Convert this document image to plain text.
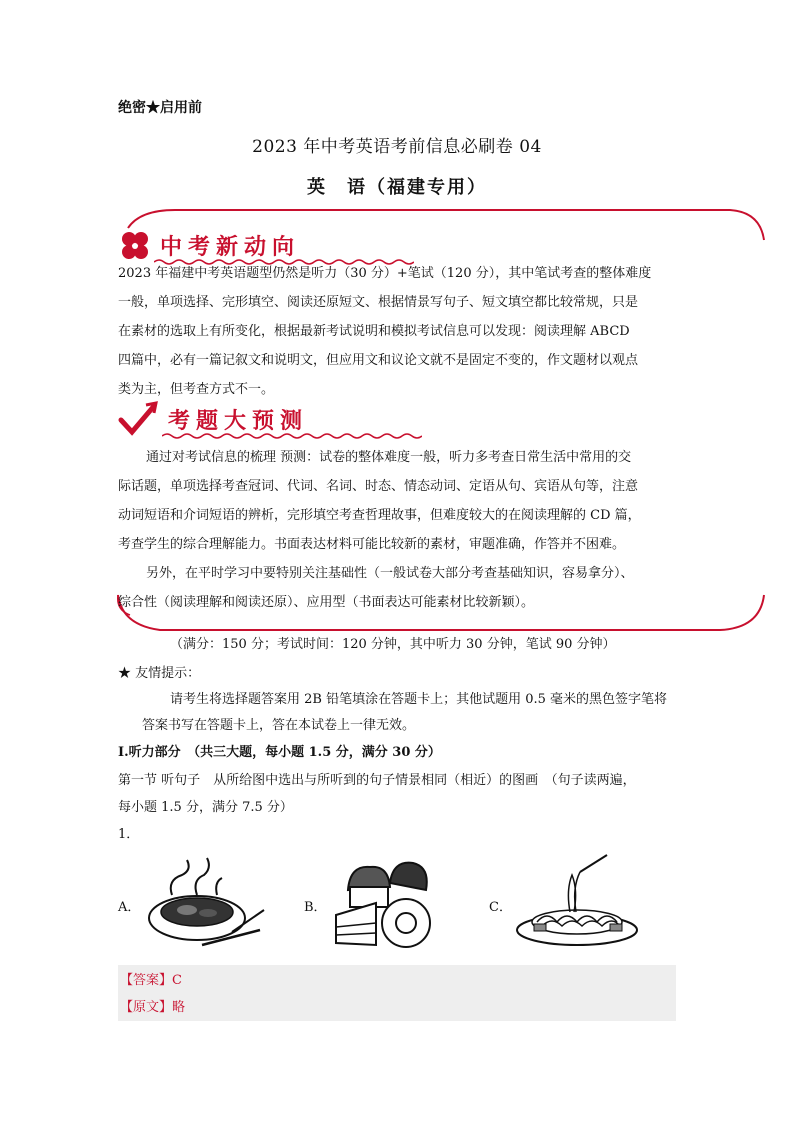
绝密★启用前
2023 年中考英语考前信息必刷卷 04
英　语（福建专用）
中考新动向
2023 年福建中考英语题型仍然是听力（30 分）+笔试（120 分），其中笔试考查的整体难度
一般，单项选择、完形填空、阅读还原短文、根据情景写句子、短文填空都比较常规，只是
在素材的选取上有所变化，根据最新考试说明和模拟考试信息可以发现：阅读理解 ABCD
四篇中，必有一篇记叙文和说明文，但应用文和议论文就不是固定不变的，作文题材以观点
类为主，但考查方式不一。
考题大预测
通过对考试信息的梳理 预测：试卷的整体难度一般，听力多考查日常生活中常用的交
际话题，单项选择考查冠词、代词、名词、时态、情态动词、定语从句、宾语从句等，注意
动词短语和介词短语的辨析，完形填空考查哲理故事，但难度较大的在阅读理解的 CD 篇，
考查学生的综合理解能力。书面表达材料可能比较新的素材，审题准确，作答并不困难。
另外，在平时学习中要特别关注基础性（一般试卷大部分考查基础知识，容易拿分）、
综合性（阅读理解和阅读还原）、应用型（书面表达可能素材比较新颖）。
（满分：150 分；考试时间：120 分钟，其中听力 30 分钟，笔试 90 分钟）
★ 友情提示：
请考生将选择题答案用 2B 铅笔填涂在答题卡上；其他试题用 0.5 毫米的黑色签字笔将
答案书写在答题卡上，答在本试卷上一律无效。
I.听力部分　（共三大题，每小题 1.5 分，满分 30 分）
第一节 听句子　从所给图中选出与所听到的句子情景相同（相近）的图画　（句子读两遍，
每小题 1.5 分，满分 7.5 分）
1．
A．	B．	C．
【答案】C
【原文】略
